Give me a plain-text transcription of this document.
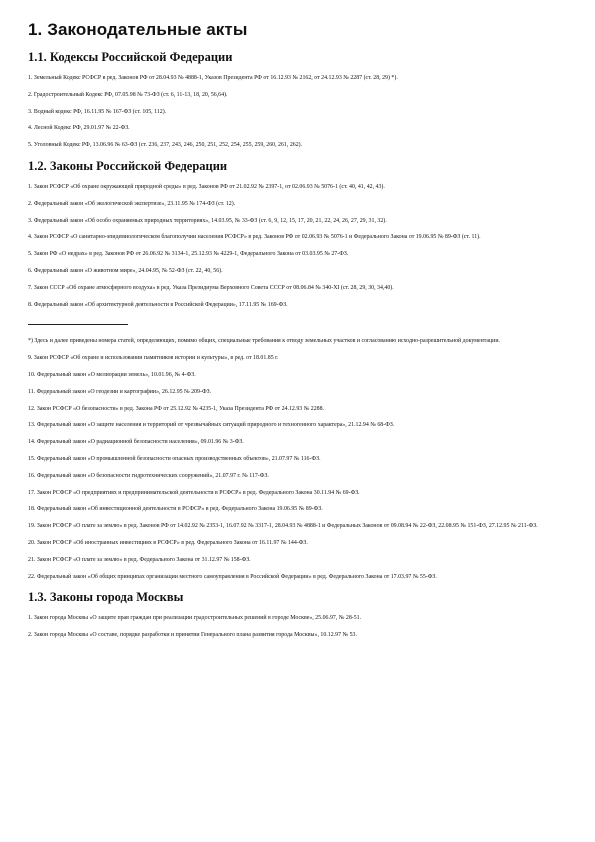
1. Законодательные акты
1.1. Кодексы Российской Федерации

1. Земельный Кодекс РСФСР в ред. Законов РФ от 28.04.93 № 4888-1, Указов Президента РФ от 16.12.93 № 2162, от 24.12.93 № 2287 (ст. 28, 29) *).

2. Градостроительный Кодекс РФ, 07.05.98 № 73-ФЗ (ст. 6, 11-13, 18, 20, 56,64).

3. Водный кодекс РФ, 16.11.95 № 167-ФЗ (ст. 105, 112).

4. Лесной Кодекс РФ, 29.01.97 № 22-ФЗ.

5. Уголовный Кодекс РФ, 13.06.96 № 63-ФЗ (ст. 236, 237, 243, 246, 250, 251, 252, 254, 255, 259, 260, 261, 262).

1.2. Законы Российской Федерации

1. Закон РСФСР «Об охране окружающей природной среды» в ред. Законов РФ от 21.02.92 № 2397-1, от 02.06.93 № 5076-1 (ст. 40, 41, 42, 43).

2. Федеральный закон «Об экологической экспертизе», 23.11.95 № 174-ФЗ (ст. 12).

3. Федеральный закон «Об особо охраняемых природных территориях», 14.03.95, № 33-ФЗ (ст. 6, 9, 12, 15, 17, 20, 21, 22, 24, 26, 27, 29, 31, 32).

4. Закон РСФСР «О санитарно-эпидемиологическом благополучии населения РСФСР» в ред. Законов РФ от 02.06.93 № 5076-1 и Федерального Закона от 19.06.95 № 89-ФЗ (ст. 11).

5. Закон РФ «О недрах» в ред. Законов РФ от 26.06.92 № 3134-1, 25.12.93 № 4229-1, Федерального Закона от 03.03.95 № 27-ФЗ.

6. Федеральный закон «О животном мире», 24.04.95, № 52-ФЗ (ст. 22, 40, 56).

7. Закон СССР «Об охране атмосферного воздуха» в ред. Указа Президиума Верховного Совета СССР от 08.06.84 № 340-XI (ст. 28, 29, 30, 34,40).

8. Федеральный закон «Об архитектурной деятельности в Российской Федерации», 17.11.95 № 169-ФЗ.

*) Здесь и далее приведены номера статей, определяющих, помимо общих, специальные требования к отводу земельных участков и согласованию исходно-разрешительной документации.

9. Закон РСФСР «Об охране и использовании памятников истории и культуры», в ред. от 18.01.85 г.

10. Федеральный закон «О мелиорации земель», 10.01.96, № 4-ФЗ.

11. Федеральный закон «О геодезии и картографии», 26.12.95 № 209-ФЗ.

12. Закон РСФСР «О безопасности» в ред. Закона РФ от 25.12.92 № 4235-1, Указа Президента РФ от 24.12.93 № 2288.

13. Федеральный закон «О защите населения и территорий от чрезвычайных ситуаций природного и техногенного характера», 21.12.94 № 68-ФЗ.

14. Федеральный закон «О радиационной безопасности населения», 09.01.96 № 3-ФЗ.

15. Федеральный закон «О промышленной безопасности опасных производственных объектов», 21.07.97 № 116-ФЗ.

16. Федеральный закон «О безопасности гидротехнических сооружений», 21.07.97 г. № 117-ФЗ.

17. Закон РСФСР «О предприятиях и предпринимательской деятельности в РСФСР» в ред. Федерального Закона 30.11.94 № 69-ФЗ.

18. Федеральный закон «Об инвестиционной деятельности в РСФСР» в ред. Федерального Закона 19.06.95 № 89-ФЗ.

19. Закон РСФСР «О плате за землю» в ред. Законов РФ от 14.02.92 № 2353-1, 16.07.92 № 3317-1, 28.04.93 № 4888-1 и Федеральных Законов от 09.08.94 № 22-ФЗ, 22.08.95 № 151-ФЗ, 27.12.95 № 211-ФЗ.

20. Закон РСФСР «Об иностранных инвестициях в РСФСР» в ред. Федерального Закона от 16.11.97 № 144-ФЗ.

21. Закон РСФСР «О плате за землю» в ред. Федерального Закона от 31.12.97 № 158-ФЗ.

22. Федеральный закон «Об общих принципах организации местного самоуправления в Российской Федерации» в ред. Федерального Закона от 17.03.97 № 55-ФЗ.

1.3. Законы города Москвы

1. Закон города Москвы «О защите прав граждан при реализации градостроительных решений в городе Москве», 25.06.97, № 28-51.

2. Закон города Москвы «О составе, порядке разработки и принятии Генерального плана развития города Москвы», 10.12.97 № 53.
